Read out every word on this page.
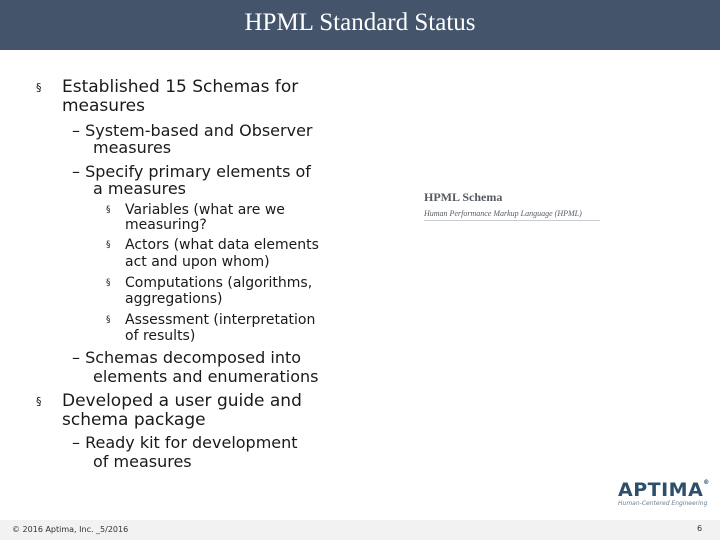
HPML Standard Status
§ Established 15 Schemas for
measures
– System-based and Observer
measures
– Specify primary elements of
a measures
§ Variables (what are we
measuring?
§ Actors (what data elements
act and upon whom)
§ Computations (algorithms,
aggregations)
§ Assessment (interpretation
of results)
– Schemas decomposed into
elements and enumerations
§ Developed a user guide and
schema package
– Ready kit for development
of measures
HPML Schema
Human Performance Markup Language (HPML)
APTIMA®
Human-Centered Engineering
© 2016 Aptima, Inc. _5/2016	6
